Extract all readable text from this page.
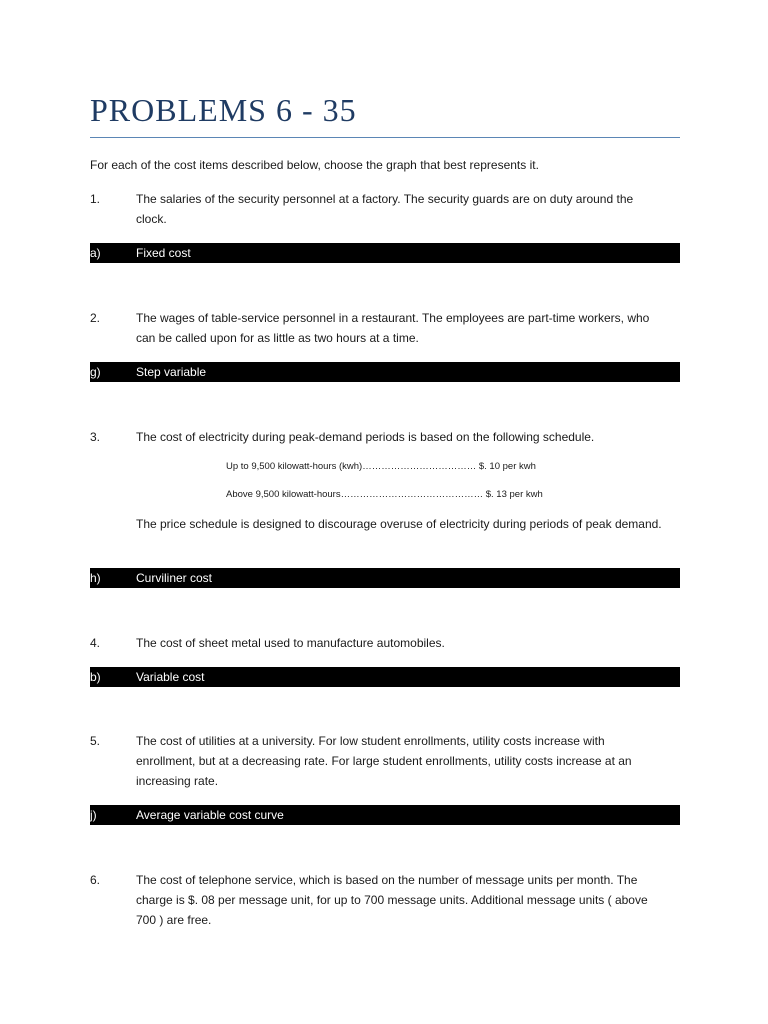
PROBLEMS 6 - 35
For each of the cost items described below, choose the graph that best represents it.
1.	The salaries of the security personnel at a factory. The security guards are on duty around the clock.
a)	Fixed cost
2.	The wages of table-service personnel in a restaurant. The employees are part-time workers, who can be called upon for as little as two hours at a time.
g)	Step variable
3.	The cost of electricity during peak-demand periods is based on the following schedule.
Up to 9,500 kilowatt-hours (kwh)……………………………… $. 10 per kwh
Above 9,500 kilowatt-hours……………………………………… $. 13 per kwh
The price schedule is designed to discourage overuse of electricity during periods of peak demand.
h)	Curviliner cost
4.	The cost of sheet metal used to manufacture automobiles.
b)	Variable cost
5.	The cost of utilities at a university. For low student enrollments, utility costs increase with enrollment, but at a decreasing rate. For large student enrollments, utility costs increase at an increasing rate.
j)	Average variable cost curve
6.	The cost of telephone service, which is based on the number of message units per month. The charge is $. 08 per message unit, for up to 700 message units. Additional message units ( above 700 ) are free.
